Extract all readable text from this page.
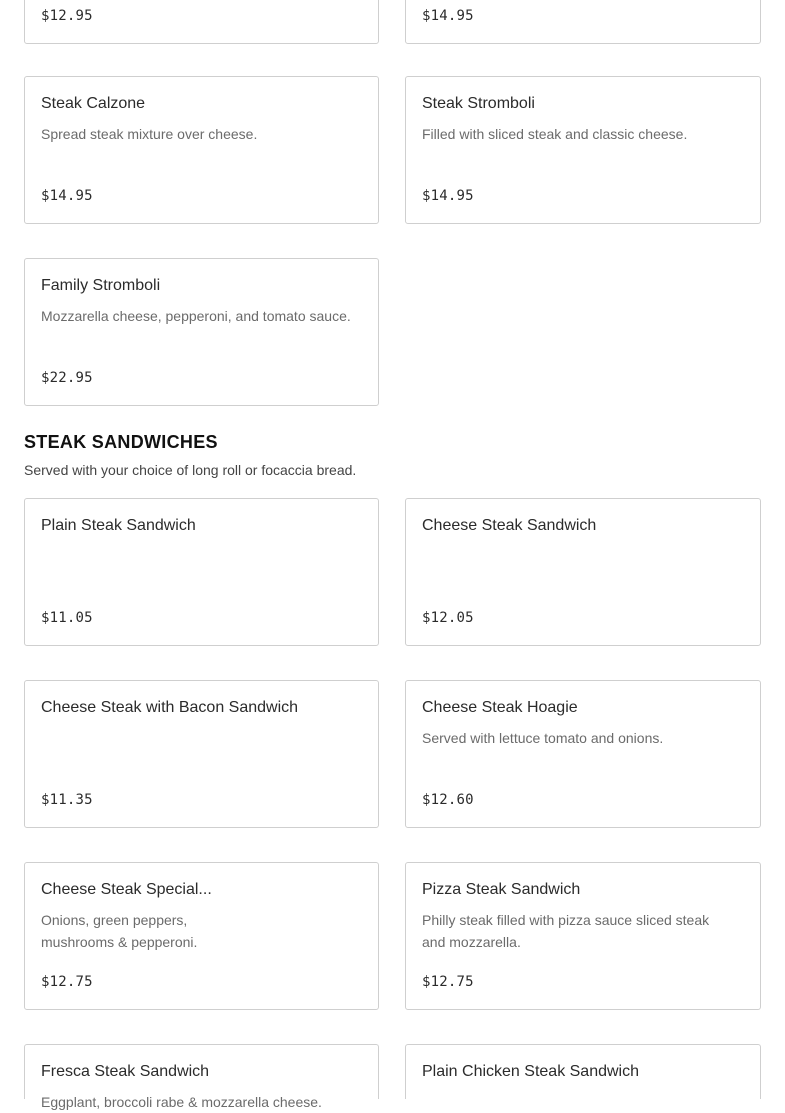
$12.95	$14.95
Steak Calzone
Spread steak mixture over cheese.
$14.95
Steak Stromboli
Filled with sliced steak and classic cheese.
$14.95
Family Stromboli
Mozzarella cheese, pepperoni, and tomato sauce.
$22.95
STEAK SANDWICHES
Served with your choice of long roll or focaccia bread.
Plain Steak Sandwich
$11.05
Cheese Steak Sandwich
$12.05
Cheese Steak with Bacon Sandwich
$11.35
Cheese Steak Hoagie
Served with lettuce tomato and onions.
$12.60
Cheese Steak Special...
Onions, green peppers, mushrooms & pepperoni.
$12.75
Pizza Steak Sandwich
Philly steak filled with pizza sauce sliced steak and mozzarella.
$12.75
Fresca Steak Sandwich
Eggplant, broccoli rabe & mozzarella cheese.
Plain Chicken Steak Sandwich
